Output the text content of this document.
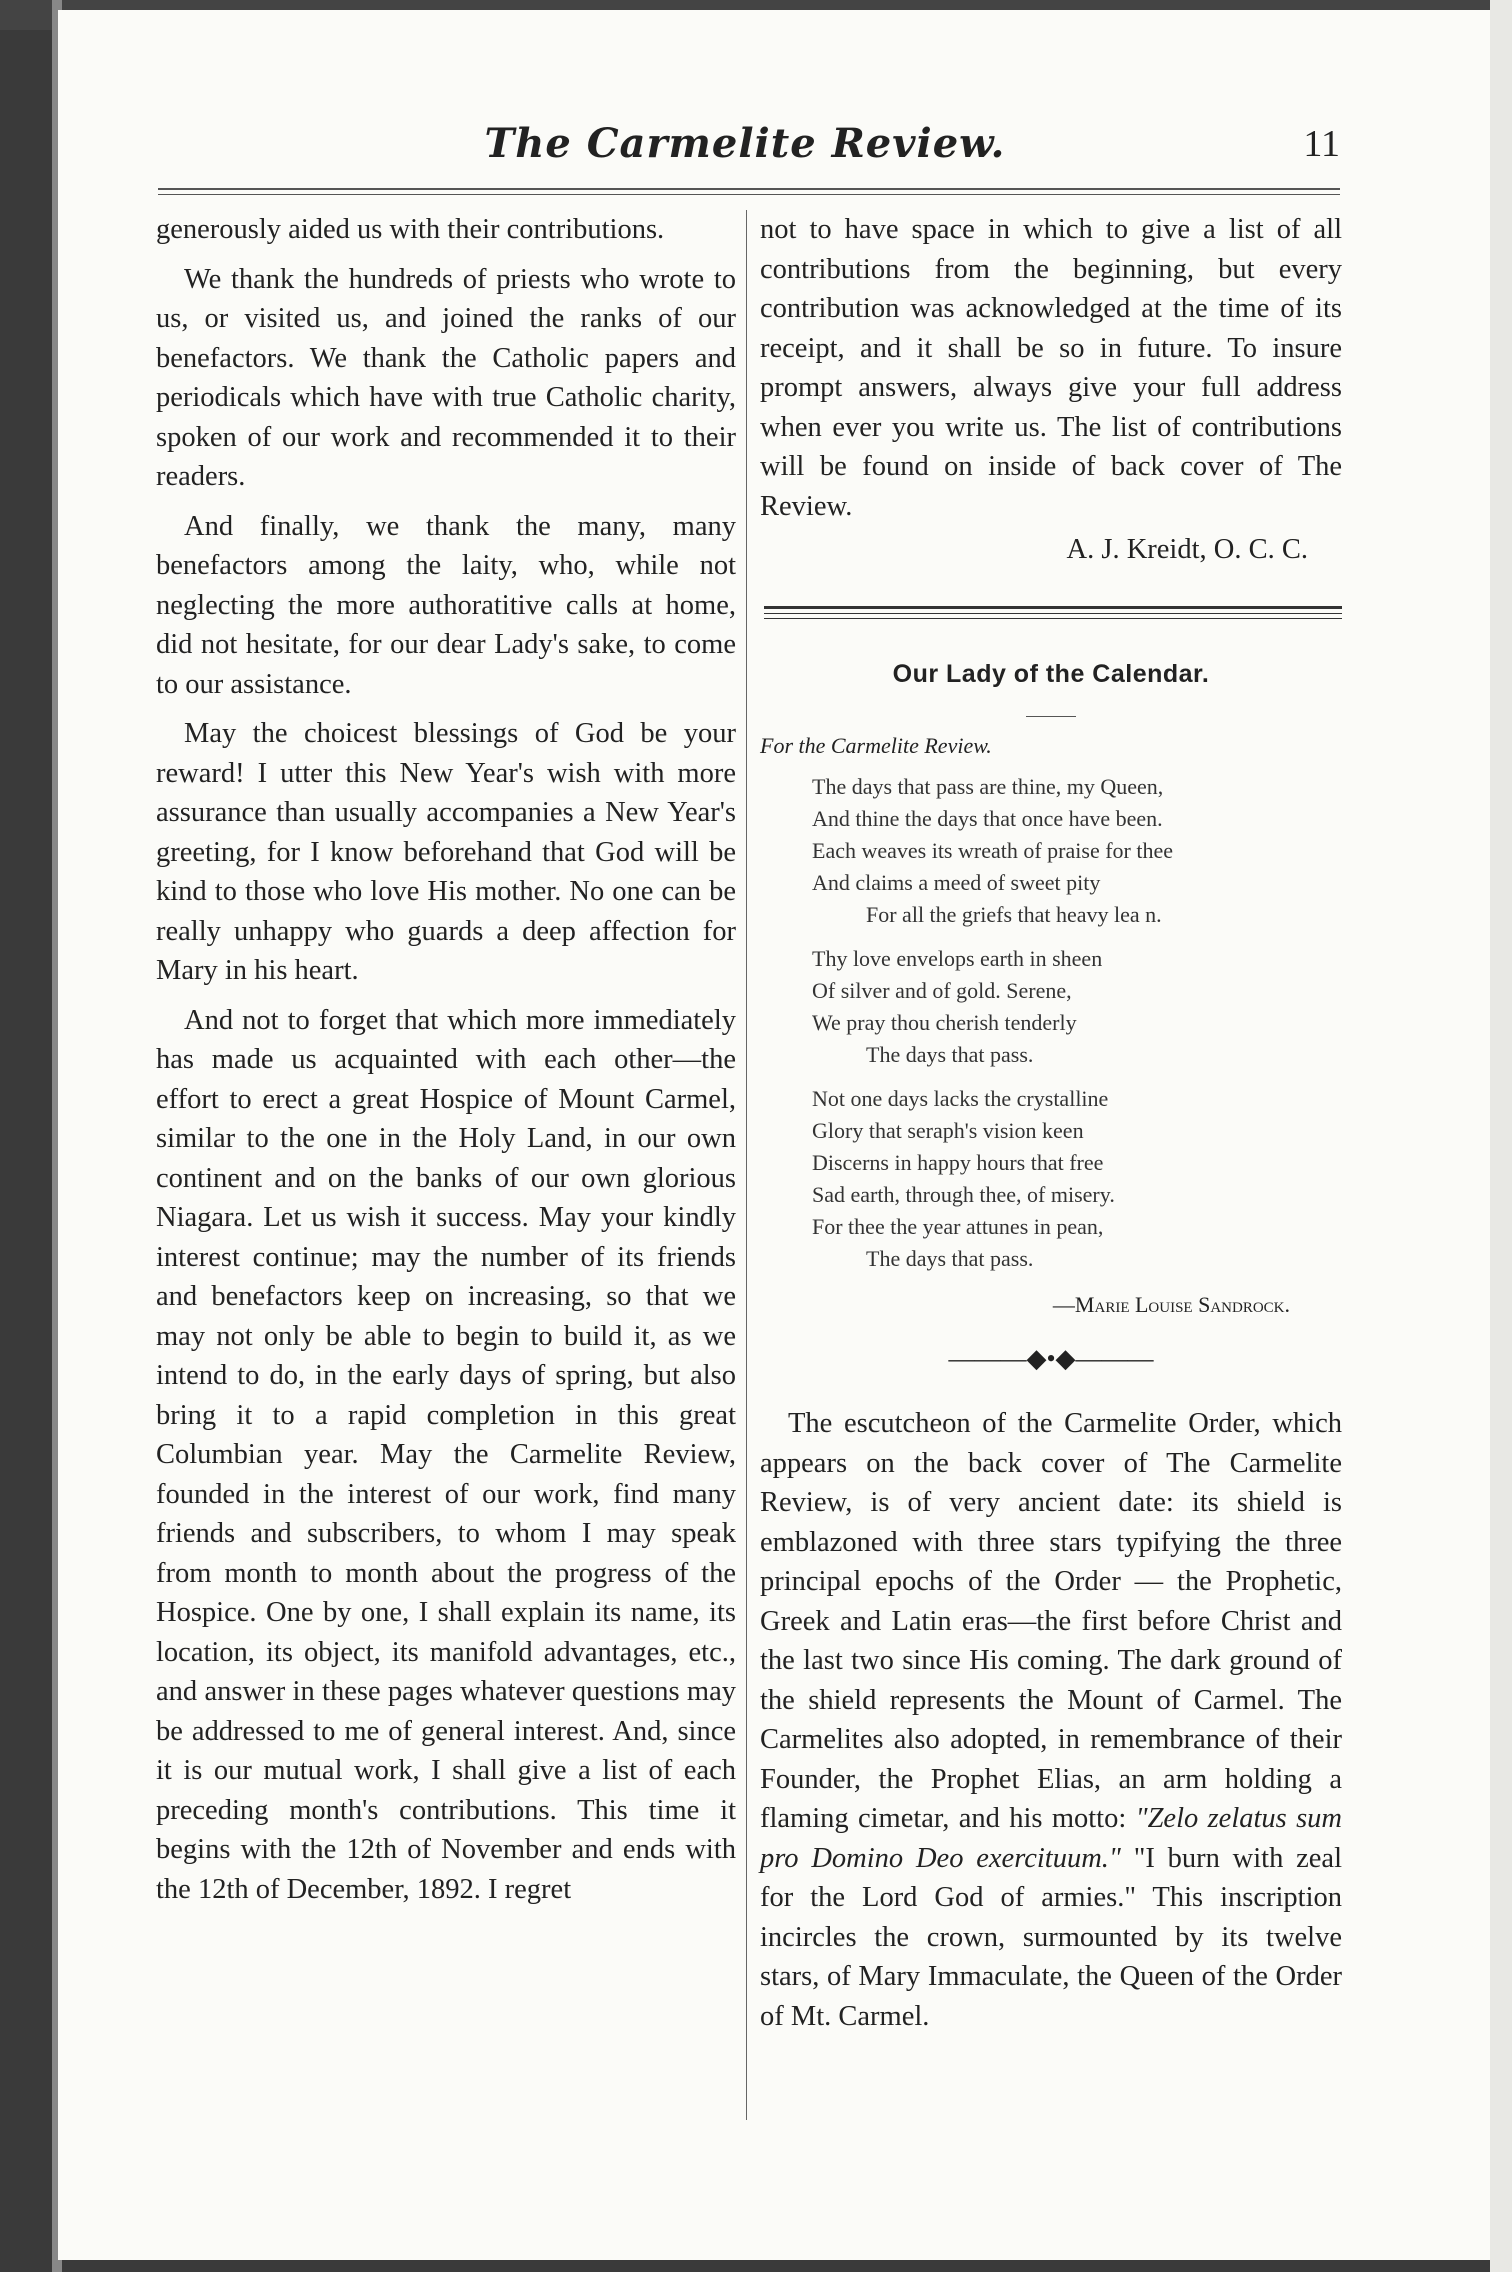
The Carmelite Review.	11

generously aided us with their contributions.

We thank the hundreds of priests who wrote to us, or visited us, and joined the ranks of our benefactors. We thank the Catholic papers and periodicals which have with true Catholic charity, spoken of our work and recommended it to their readers.

And finally, we thank the many, many benefactors among the laity, who, while not neglecting the more authoratitive calls at home, did not hesitate, for our dear Lady's sake, to come to our assistance.

May the choicest blessings of God be your reward! I utter this New Year's wish with more assurance than usually accompanies a New Year's greeting, for I know beforehand that God will be kind to those who love His mother. No one can be really unhappy who guards a deep affection for Mary in his heart.

And not to forget that which more immediately has made us acquainted with each other—the effort to erect a great Hospice of Mount Carmel, similar to the one in the Holy Land, in our own continent and on the banks of our own glorious Niagara. Let us wish it success. May your kindly interest continue; may the number of its friends and benefactors keep on increasing, so that we may not only be able to begin to build it, as we intend to do, in the early days of spring, but also bring it to a rapid completion in this great Columbian year. May the Carmelite Review, founded in the interest of our work, find many friends and subscribers, to whom I may speak from month to month about the progress of the Hospice. One by one, I shall explain its name, its location, its object, its manifold advantages, etc., and answer in these pages whatever questions may be addressed to me of general interest. And, since it is our mutual work, I shall give a list of each preceding month's contributions. This time it begins with the 12th of November and ends with the 12th of December, 1892. I regret

not to have space in which to give a list of all contributions from the beginning, but every contribution was acknowledged at the time of its receipt, and it shall be so in future. To insure prompt answers, always give your full address when ever you write us. The list of contributions will be found on inside of back cover of The Review.

A. J. Kreidt, O. C. C.
Our Lady of the Calendar.
For the Carmelite Review.
The days that pass are thine, my Queen,
And thine the days that once have been.
Each weaves its wreath of praise for thee
And claims a meed of sweet pity
For all the griefs that heavy lea n.
Thy love envelops earth in sheen
Of silver and of gold. Serene,
We pray thou cherish tenderly
The days that pass.
Not one days lacks the crystalline
Glory that seraph's vision keen
Discerns in happy hours that free
Sad earth, through thee, of misery.
For thee the year attunes in pean,
The days that pass.
—Marie Louise Sandrock.
———◆•◆———

The escutcheon of the Carmelite Order, which appears on the back cover of The Carmelite Review, is of very ancient date: its shield is emblazoned with three stars typifying the three principal epochs of the Order — the Prophetic, Greek and Latin eras—the first before Christ and the last two since His coming. The dark ground of the shield represents the Mount of Carmel. The Carmelites also adopted, in remembrance of their Founder, the Prophet Elias, an arm holding a flaming cimetar, and his motto: "Zelo zelatus sum pro Domino Deo exercituum." "I burn with zeal for the Lord God of armies." This inscription incircles the crown, surmounted by its twelve stars, of Mary Immaculate, the Queen of the Order of Mt. Carmel.
